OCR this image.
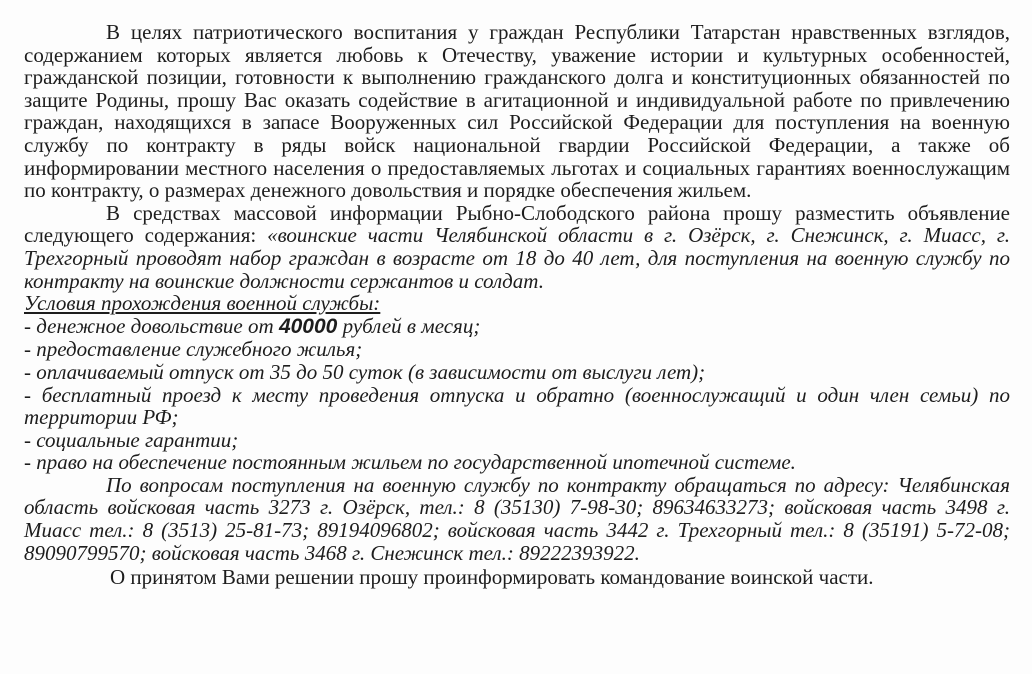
В целях патриотического воспитания у граждан Республики Татарстан нравственных взглядов, содержанием которых является любовь к Отечеству, уважение истории и культурных особенностей, гражданской позиции, готовности к выполнению гражданского долга и конституционных обязанностей по защите Родины, прошу Вас оказать содействие в агитационной и индивидуальной работе по привлечению граждан, находящихся в запасе Вооруженных сил Российской Федерации для поступления на военную службу по контракту в ряды войск национальной гвардии Российской Федерации, а также об информировании местного населения о предоставляемых льготах и социальных гарантиях военнослужащим по контракту, о размерах денежного довольствия и порядке обеспечения жильем.

В средствах массовой информации Рыбно-Слободского района прошу разместить объявление следующего содержания: «воинские части Челябинской области в г. Озёрск, г. Снежинск, г. Миасс, г. Трехгорный проводят набор граждан в возрасте от 18 до 40 лет, для поступления на военную службу по контракту на воинские должности сержантов и солдат.

Условия прохождения военной службы:

- денежное довольствие от 40000 рублей в месяц;

- предоставление служебного жилья;

- оплачиваемый отпуск от 35 до 50 суток (в зависимости от выслуги лет);

- бесплатный проезд к месту проведения отпуска и обратно (военнослужащий и один член семьи) по территории РФ;

- социальные гарантии;

- право на обеспечение постоянным жильем по государственной ипотечной системе.

По вопросам поступления на военную службу по контракту обращаться по адресу: Челябинская область войсковая часть 3273 г. Озёрск, тел.: 8 (35130) 7-98-30; 89634633273; войсковая часть 3498 г. Миасс тел.: 8 (3513) 25-81-73; 89194096802; войсковая часть 3442 г. Трехгорный тел.: 8 (35191) 5-72-08; 89090799570; войсковая часть 3468 г. Снежинск тел.: 89222393922.

О принятом Вами решении прошу проинформировать командование воинской части.
